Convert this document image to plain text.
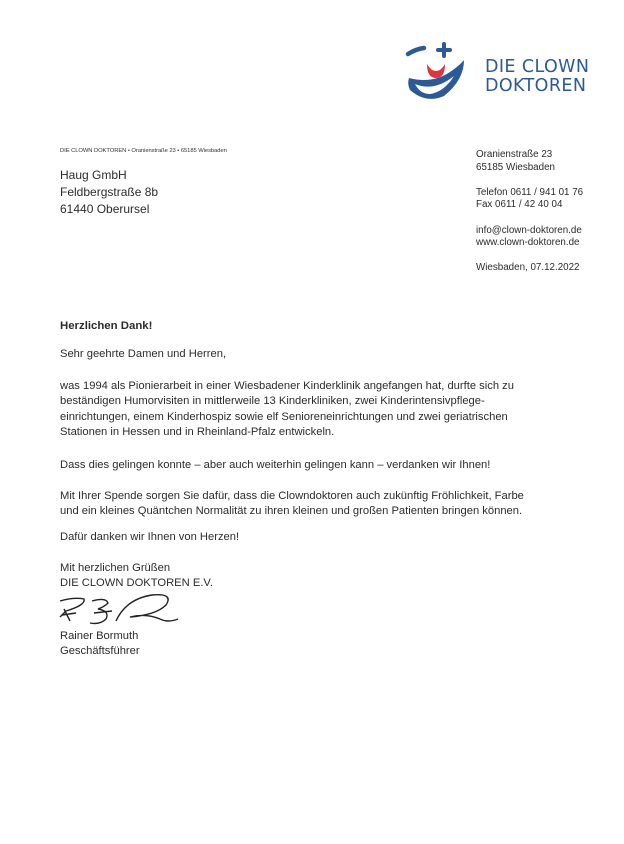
DIE CLOWN
DOKTOREN
DIE CLOWN DOKTOREN • Oranienstraße 23 • 65185 Wiesbaden
Haug GmbH
Feldbergstraße 8b
61440 Oberursel
Oranienstraße 23
65185 Wiesbaden
Telefon 0611 / 941 01 76
Fax 0611 / 42 40 04
info@clown-doktoren.de
www.clown-doktoren.de
Wiesbaden, 07.12.2022
Herzlichen Dank!
Sehr geehrte Damen und Herren,
was 1994 als Pionierarbeit in einer Wiesbadener Kinderklinik angefangen hat, durfte sich zu
beständigen Humorvisiten in mittlerweile 13 Kinderkliniken, zwei Kinderintensivpflege-
einrichtungen, einem Kinderhospiz sowie elf Senioreneinrichtungen und zwei geriatrischen
Stationen in Hessen und in Rheinland-Pfalz entwickeln.
Dass dies gelingen konnte – aber auch weiterhin gelingen kann – verdanken wir Ihnen!
Mit Ihrer Spende sorgen Sie dafür, dass die Clowndoktoren auch zukünftig Fröhlichkeit, Farbe
und ein kleines Quäntchen Normalität zu ihren kleinen und großen Patienten bringen können.
Dafür danken wir Ihnen von Herzen!
Mit herzlichen Grüßen
DIE CLOWN DOKTOREN E.V.
Rainer Bormuth
Geschäftsführer
